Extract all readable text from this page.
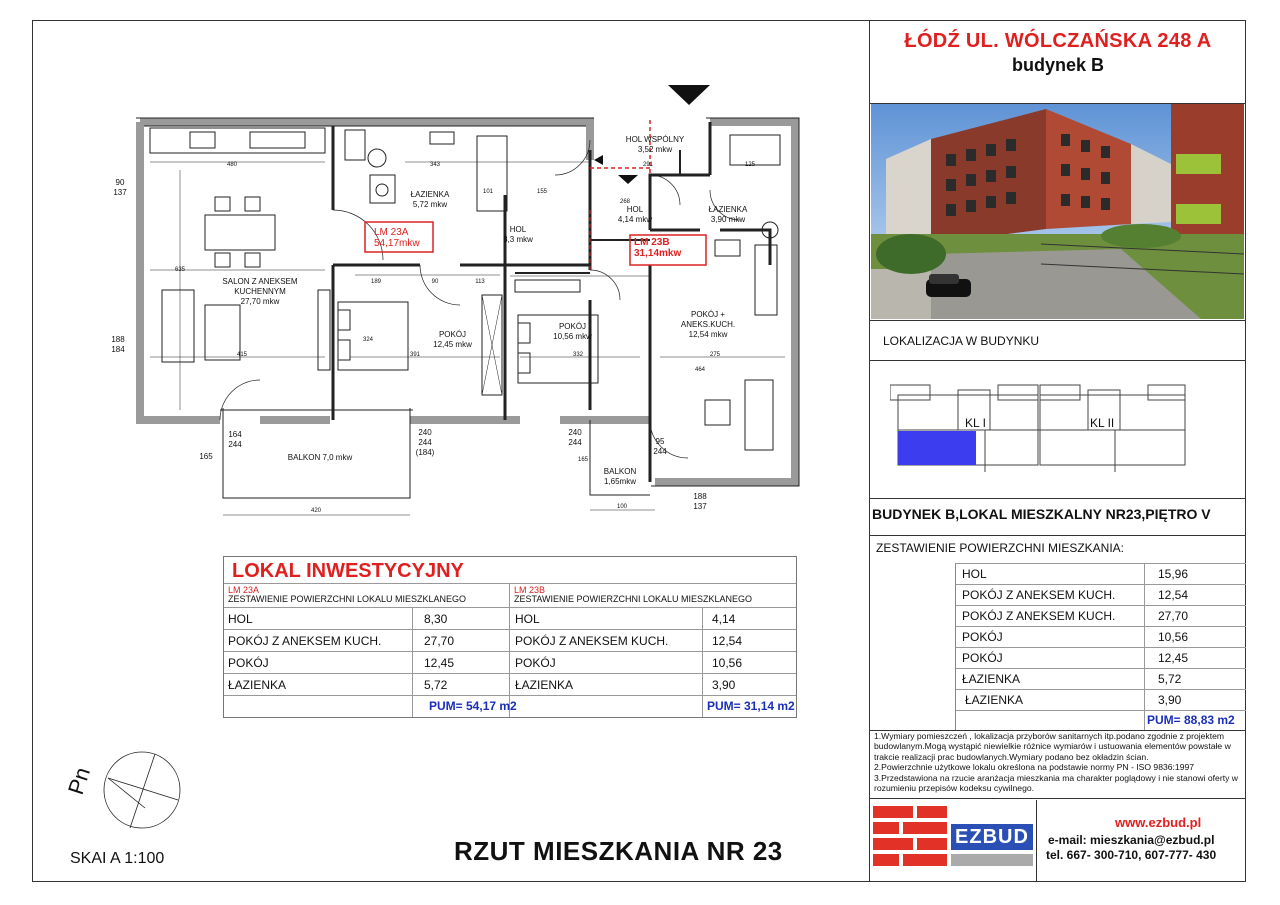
ŁÓDŹ UL. WÓLCZAŃSKA 248 A
budynek B
LOKALIZACJA W BUDYNKU
KL I	KL II
BUDYNEK B,LOKAL MIESZKALNY NR23,PIĘTRO V
ZESTAWIENIE POWIERZCHNI MIESZKANIA:
HOL	15,96
POKÓJ Z ANEKSEM KUCH.	12,54
POKÓJ Z ANEKSEM KUCH.	27,70
POKÓJ	10,56
POKÓJ	12,45
ŁAZIENKA	5,72
ŁAZIENKA	3,90
PUM= 88,83 m2
1.Wymiary pomieszczeń , lokalizacja przyborów sanitarnych itp.podano zgodnie z projektem budowlanym.Mogą wystąpić niewielkie różnice wymiarów i ustuowania elementów powstałe w trakcie realizacji prac budowlanych.Wymiary podano bez okładzin ścian.
2.Powierzchnie użytkowe lokalu określona na podstawie normy PN - ISO 9836:1997
3.Przedstawiona na rzucie aranżacja mieszkania ma charakter poglądowy i nie stanowi oferty w rozumieniu przepisów kodeksu cywilnego.
EZBUD
www.ezbud.pl
e-mail: mieszkania@ezbud.pl
tel. 667- 300-710, 607-777- 430
SALON Z ANEKSEM
KUCHENNYM
27,70 mkw
ŁAZIENKA
5,72 mkw
HOL
8,3 mkw
HOL WSPÓLNY
3,52 mkw
HOL
4,14 mkw
ŁAZIENKA
3,90 mkw
POKÓJ
12,45 mkw
POKÓJ
10,56 mkw
POKÓJ +
ANEKS.KUCH.
12,54 mkw
BALKON 7,0 mkw
BALKON
1,65mkw
LM 23A
54,17mkw	LM 23B
31,14mkw
480	343	291	125
155
101
90	113
189
268
332
391	275
415
635
420
100
324
464
90
137
188
184
164
244
240
244
(184)
240
244	95
244
188
137
165	165
LOKAL INWESTYCYJNY
LM 23A
ZESTAWIENIE POWIERZCHNI LOKALU MIESZKLANEGO
HOL	8,30
POKÓJ Z ANEKSEM KUCH.	27,70
POKÓJ	12,45
ŁAZIENKA	5,72
PUM= 54,17 m2
LM 23B
ZESTAWIENIE POWIERZCHNI LOKALU MIESZKLANEGO
HOL	4,14
POKÓJ Z ANEKSEM KUCH.	12,54
POKÓJ	10,56
ŁAZIENKA	3,90
PUM= 31,14 m2
Pn
RZUT MIESZKANIA NR 23
SKAI A 1:100
